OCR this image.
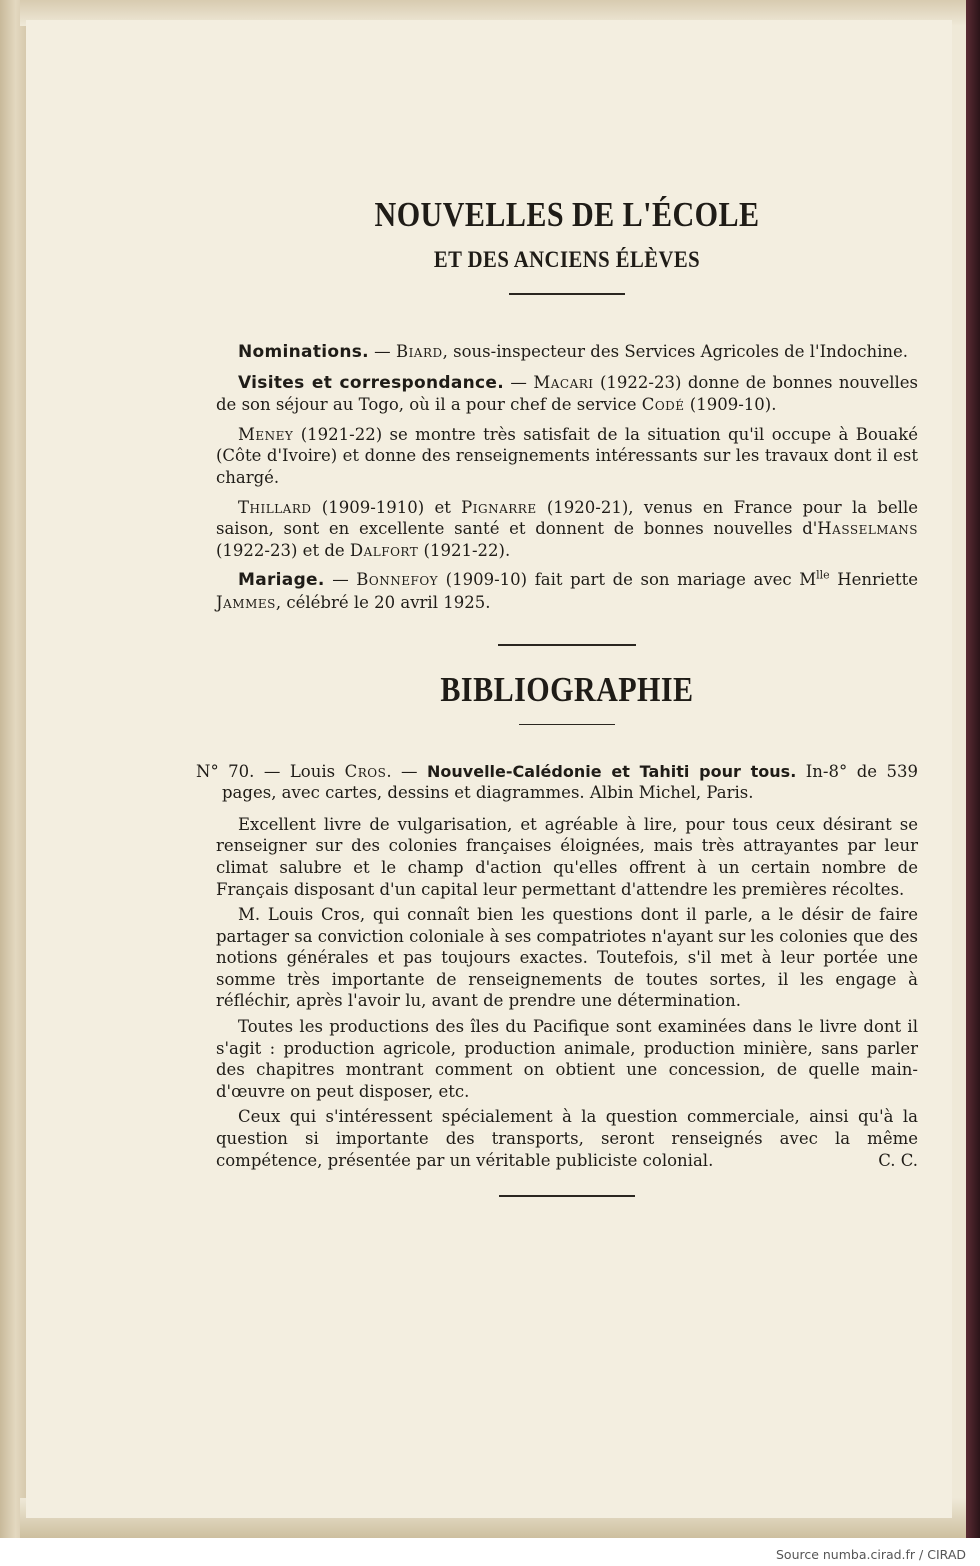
NOUVELLES DE L'ÉCOLE
ET DES ANCIENS ÉLÈVES

Nominations. — Biard, sous-inspecteur des Services Agricoles de l'Indochine.

Visites et correspondance. — Macari (1922-23) donne de bonnes nouvelles de son séjour au Togo, où il a pour chef de service Codé (1909-10).

Meney (1921-22) se montre très satisfait de la situation qu'il occupe à Bouaké (Côte d'Ivoire) et donne des renseignements intéressants sur les travaux dont il est chargé.

Thillard (1909-1910) et Pignarre (1920-21), venus en France pour la belle saison, sont en excellente santé et donnent de bonnes nouvelles d'Hasselmans (1922-23) et de Dalfort (1921-22).

Mariage. — Bonnefoy (1909-10) fait part de son mariage avec $M^{lle}$ Henriette Jammes, célébré le 20 avril 1925.

BIBLIOGRAPHIE

N° 70. — Louis Cros. — Nouvelle-Calédonie et Tahiti pour tous. In-8° de 539 pages, avec cartes, dessins et diagrammes. Albin Michel, Paris.

Excellent livre de vulgarisation, et agréable à lire, pour tous ceux désirant se renseigner sur des colonies françaises éloignées, mais très attrayantes par leur climat salubre et le champ d'action qu'elles offrent à un certain nombre de Français disposant d'un capital leur permettant d'attendre les premières récoltes.

M. Louis Cros, qui connaît bien les questions dont il parle, a le désir de faire partager sa conviction coloniale à ses compatriotes n'ayant sur les colonies que des notions générales et pas toujours exactes. Toutefois, s'il met à leur portée une somme très importante de renseignements de toutes sortes, il les engage à réfléchir, après l'avoir lu, avant de prendre une détermination.

Toutes les productions des îles du Pacifique sont examinées dans le livre dont il s'agit : production agricole, production animale, production minière, sans parler des chapitres montrant comment on obtient une concession, de quelle main-d'œuvre on peut disposer, etc.

Ceux qui s'intéressent spécialement à la question commerciale, ainsi qu'à la question si importante des transports, seront renseignés avec la même compétence, présentée par un véritable publiciste colonial.	C. C.

Source numba.cirad.fr / CIRAD
